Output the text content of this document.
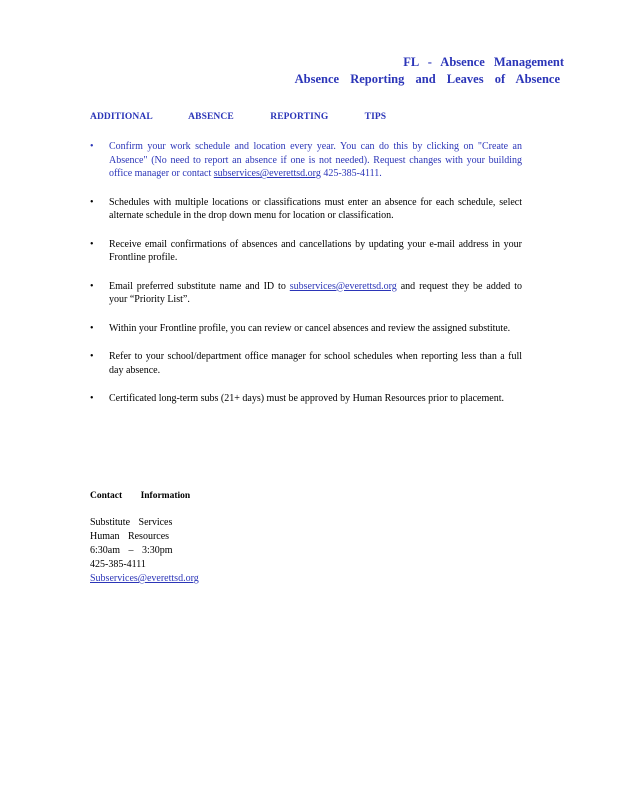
FL - Absence Management
Absence Reporting and Leaves of Absence
ADDITIONAL ABSENCE REPORTING TIPS
• Confirm your work schedule and location every year. You can do this by clicking on "Create an Absence" (No need to report an absence if one is not needed). Request changes with your building office manager or contact subservices@everettsd.org 425-385-4111.
• Schedules with multiple locations or classifications must enter an absence for each schedule, select alternate schedule in the drop down menu for location or classification.
• Receive email confirmations of absences and cancellations by updating your e-mail address in your Frontline profile.
• Email preferred substitute name and ID to subservices@everettsd.org and request they be added to your “Priority List”.
• Within your Frontline profile, you can review or cancel absences and review the assigned substitute.
• Refer to your school/department office manager for school schedules when reporting less than a full day absence.
• Certificated long-term subs (21+ days) must be approved by Human Resources prior to placement.
Contact Information
Substitute Services
Human Resources
6:30am – 3:30pm
425-385-4111
Subservices@everettsd.org
